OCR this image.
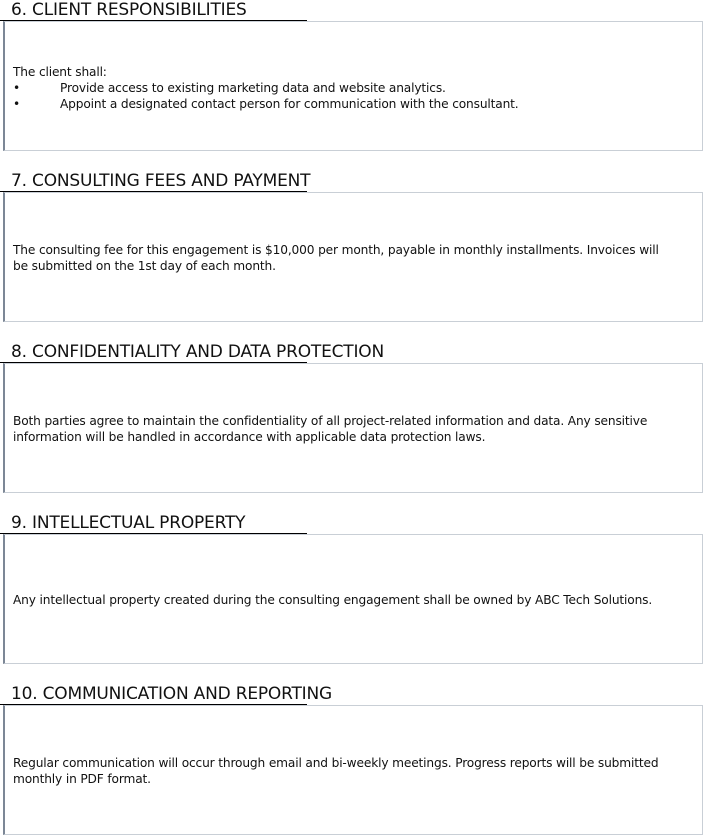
6. CLIENT RESPONSIBILITIES
The client shall:
•	Provide access to existing marketing data and website analytics.
•	Appoint a designated contact person for communication with the consultant.
7. CONSULTING FEES AND PAYMENT
The consulting fee for this engagement is $10,000 per month, payable in monthly installments. Invoices will
be submitted on the 1st day of each month.
8. CONFIDENTIALITY AND DATA PROTECTION
Both parties agree to maintain the confidentiality of all project-related information and data. Any sensitive
information will be handled in accordance with applicable data protection laws.
9. INTELLECTUAL PROPERTY
Any intellectual property created during the consulting engagement shall be owned by ABC Tech Solutions.
10. COMMUNICATION AND REPORTING
Regular communication will occur through email and bi-weekly meetings. Progress reports will be submitted
monthly in PDF format.
